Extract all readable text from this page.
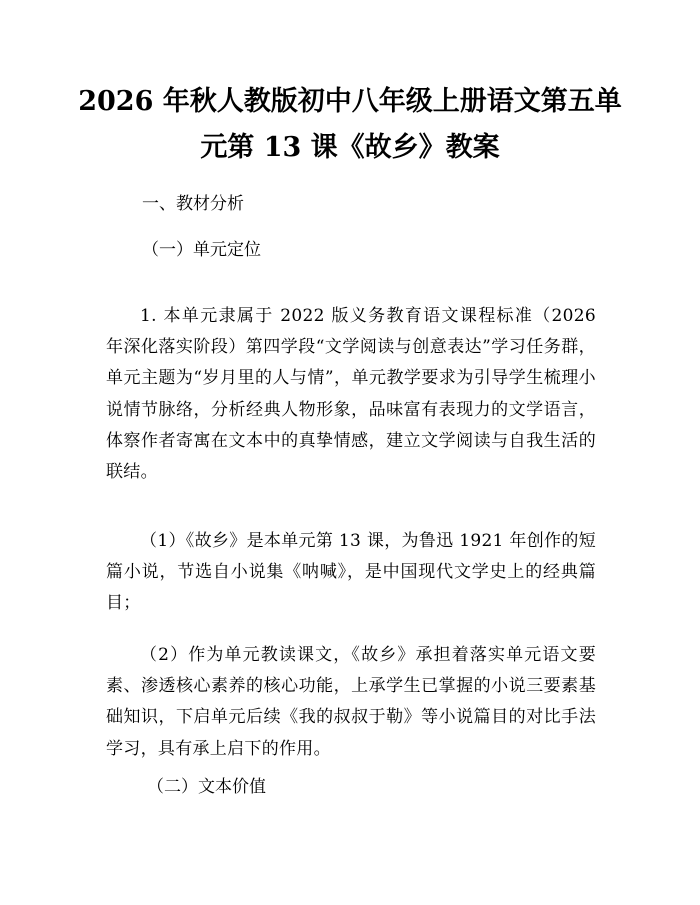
2026 年秋人教版初中八年级上册语文第五单
元第 13 课《故乡》教案
一、教材分析
（一）单元定位

1. 本单元隶属于 2022 版义务教育语文课程标准（2026 年深化落实阶段）第四学段“文学阅读与创意表达”学习任务群，单元主题为“岁月里的人与情”，单元教学要求为引导学生梳理小说情节脉络，分析经典人物形象，品味富有表现力的文学语言，体察作者寄寓在文本中的真挚情感，建立文学阅读与自我生活的联结。

（1）《故乡》是本单元第 13 课，为鲁迅 1921 年创作的短篇小说，节选自小说集《呐喊》，是中国现代文学史上的经典篇目；

（2）作为单元教读课文，《故乡》承担着落实单元语文要素、渗透核心素养的核心功能，上承学生已掌握的小说三要素基础知识，下启单元后续《我的叔叔于勒》等小说篇目的对比手法学习，具有承上启下的作用。

（二）文本价值
